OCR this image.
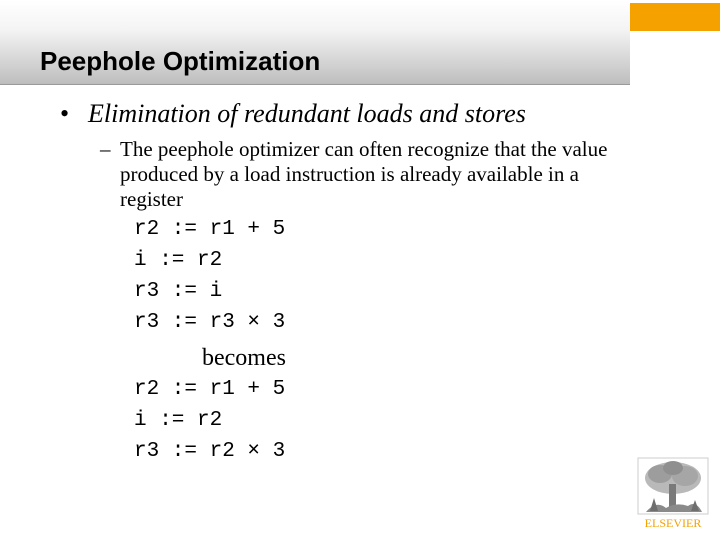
Peephole Optimization
• Elimination of redundant loads and stores
– The peephole optimizer can often recognize that the value produced by a load instruction is already available in a register
r2 := r1 + 5
i := r2
r3 := i
r3 := r3 × 3
becomes
r2 := r1 + 5
i := r2
r3 := r2 × 3
ELSEVIER
